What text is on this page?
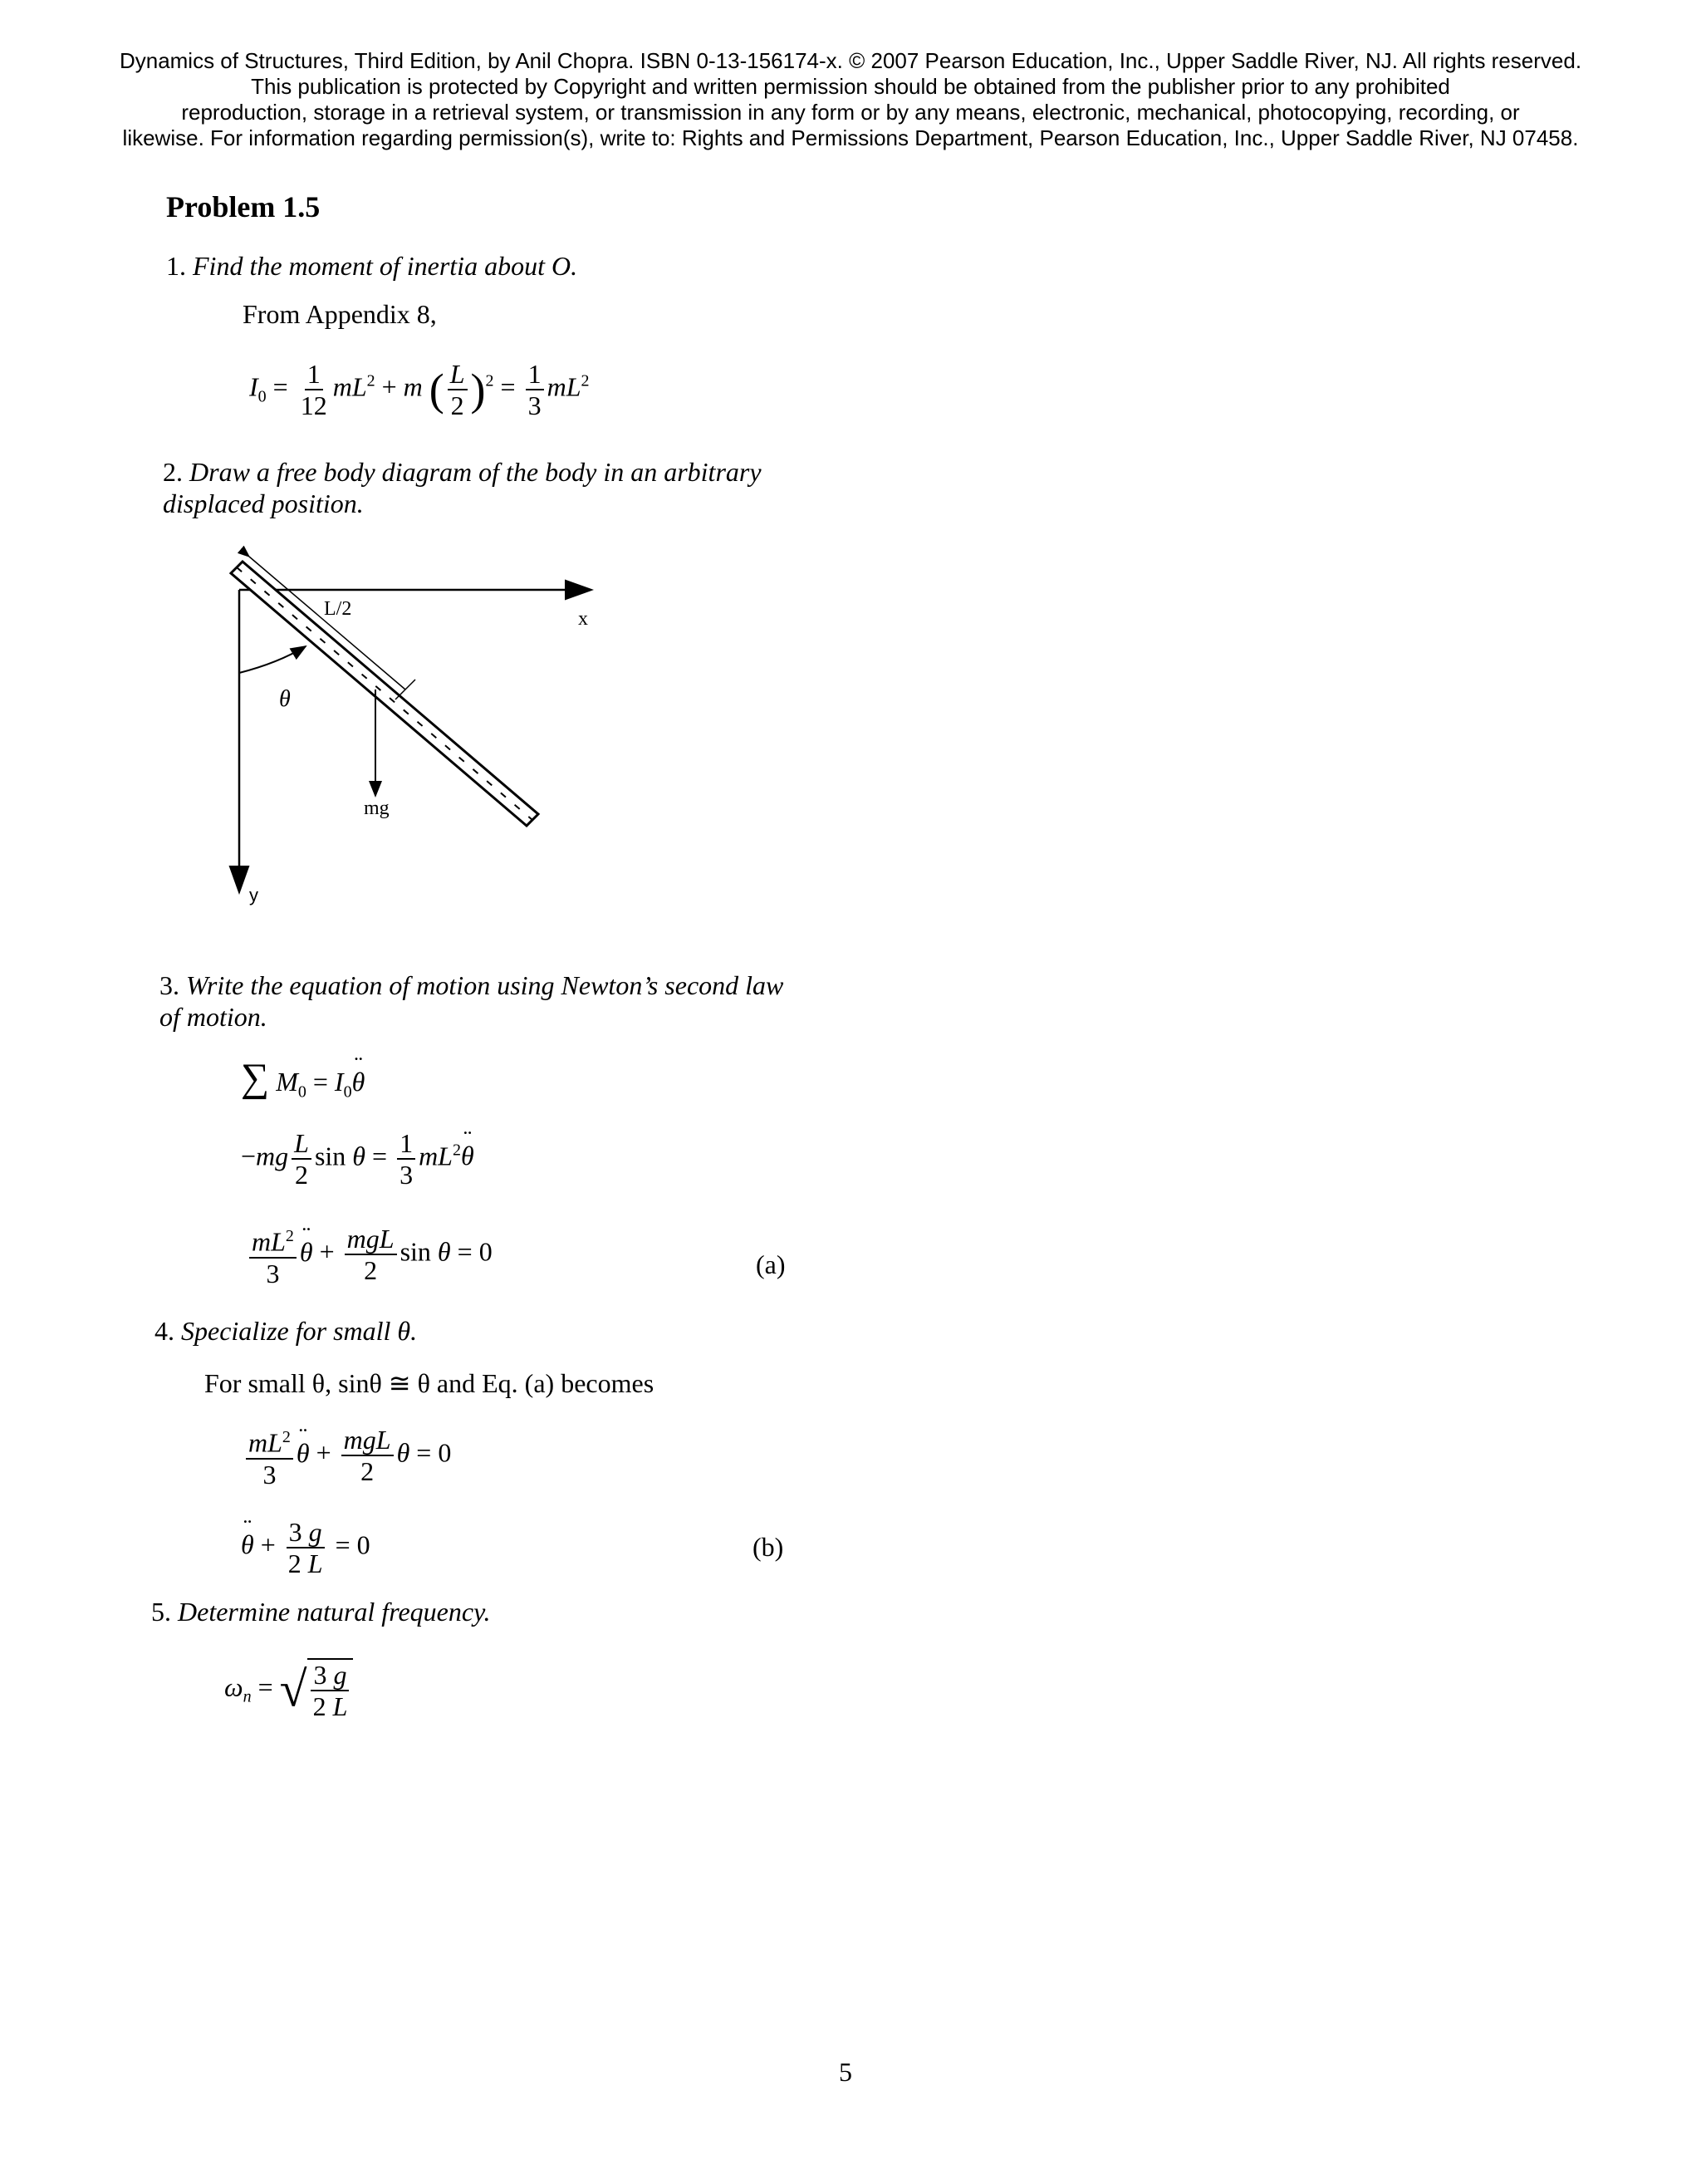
Dynamics of Structures, Third Edition, by Anil Chopra. ISBN 0-13-156174-x. © 2007 Pearson Education, Inc., Upper Saddle River, NJ. All rights reserved.
This publication is protected by Copyright and written permission should be obtained from the publisher prior to any prohibited
reproduction, storage in a retrieval system, or transmission in any form or by any means, electronic, mechanical, photocopying, recording, or
likewise. For information regarding permission(s), write to: Rights and Permissions Department, Pearson Education, Inc., Upper Saddle River, NJ 07458.
Problem 1.5
1. Find the moment of inertia about O.
From Appendix 8,
$I_0 = \frac{1}{12} mL^2 + m$ ( $\frac{L}{2} )^2 = \frac{1}{3} mL^2$
2. Draw a free body diagram of the body in an arbitrary
displaced position.
L/2	x
y
θ
mg
3. Write the equation of motion using Newton’s second law
of motion.
∑ $M_0$ = $I_0¨$ θ
$-mg \frac{L}{2}$ $\sin \theta = \frac{1}{3}$ $mL^2¨$ θ
$\frac{mL^2}{3}$ ¨ $\theta + \frac{\text{mgL}}{2}$ sin θ = 0	(a)
4. Specialize for small θ.
For small θ, sinθ ≅ θ and Eq. (a) becomes
$\frac{mL^2}{3}$ ¨ $\theta + \frac{\text{mgL}}{2}$ θ = 0
¨ $\theta + \frac{3 g}{2 L} = 0$	(b)
5. Determine natural frequency.
$\omega_n$ = √ $\frac{3 g}{2 L}$
5
